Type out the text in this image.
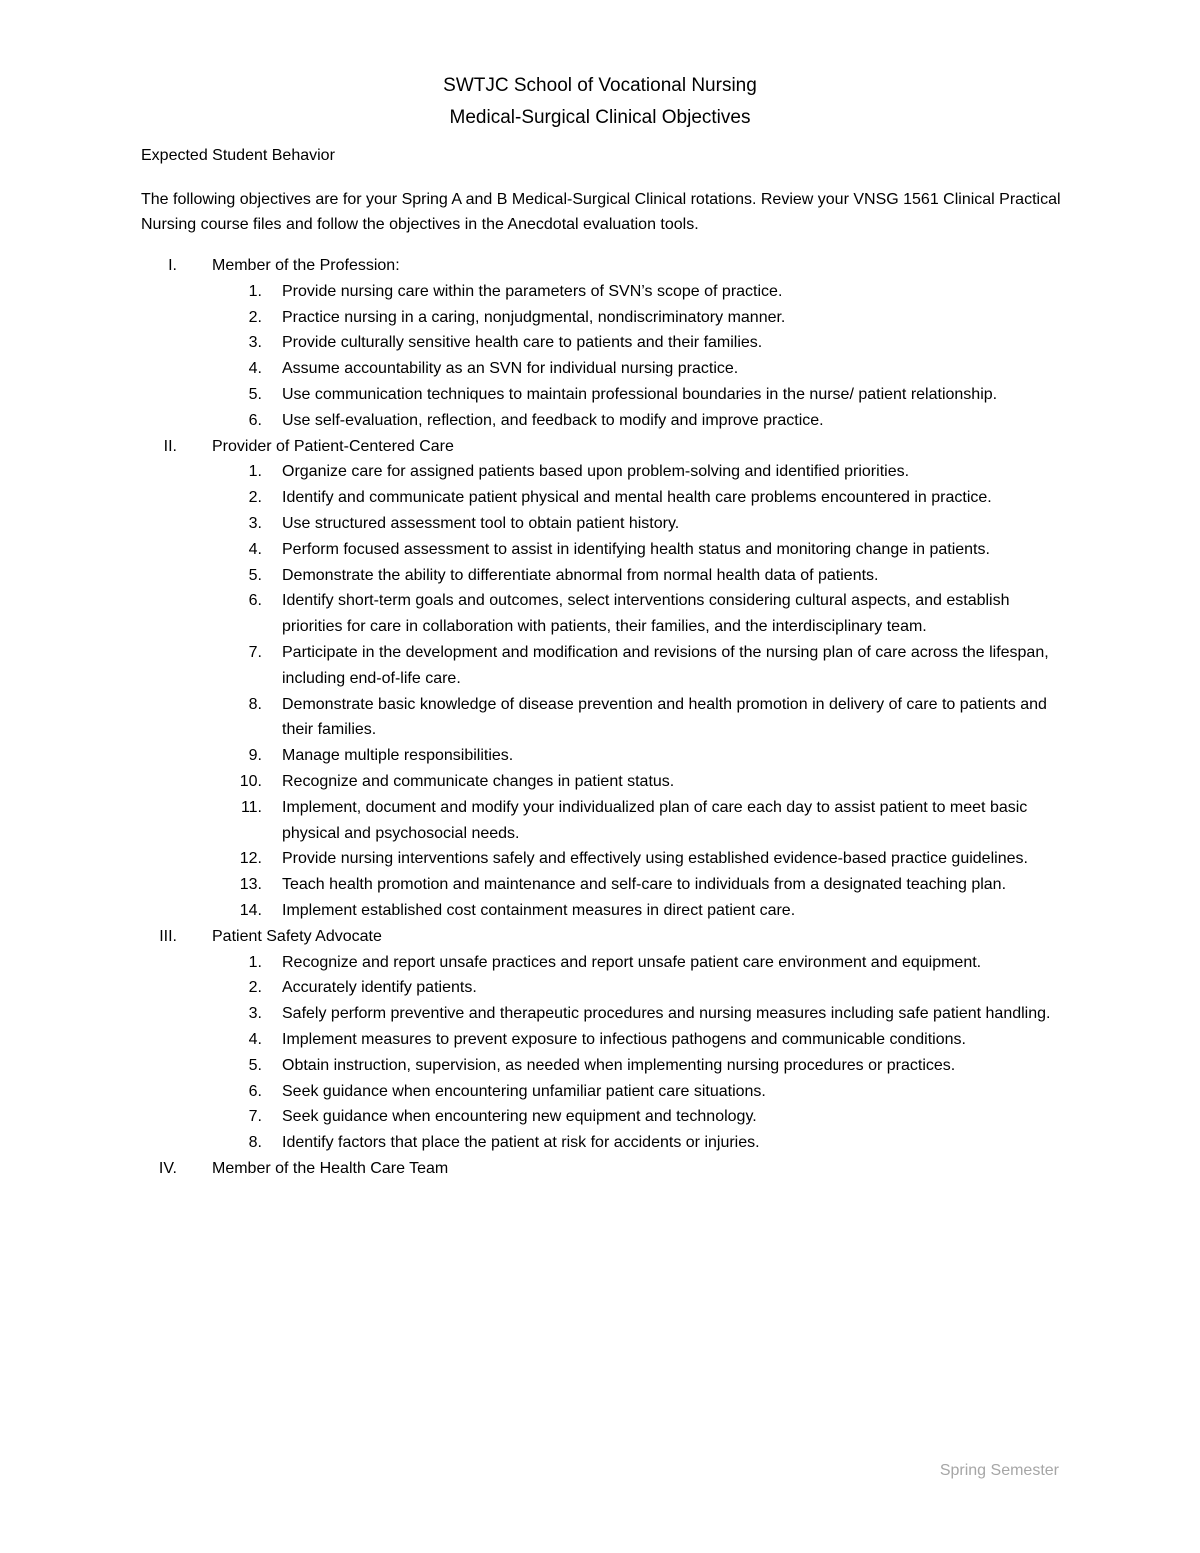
SWTJC School of Vocational Nursing
Medical-Surgical Clinical Objectives
Expected Student Behavior
The following objectives are for your Spring A and B Medical-Surgical Clinical rotations. Review your VNSG 1561 Clinical Practical Nursing course files and follow the objectives in the Anecdotal evaluation tools.
I. Member of the Profession:
1. Provide nursing care within the parameters of SVN’s scope of practice.
2. Practice nursing in a caring, nonjudgmental, nondiscriminatory manner.
3. Provide culturally sensitive health care to patients and their families.
4. Assume accountability as an SVN for individual nursing practice.
5. Use communication techniques to maintain professional boundaries in the nurse/ patient relationship.
6. Use self-evaluation, reflection, and feedback to modify and improve practice.
II. Provider of Patient-Centered Care
1. Organize care for assigned patients based upon problem-solving and identified priorities.
2. Identify and communicate patient physical and mental health care problems encountered in practice.
3. Use structured assessment tool to obtain patient history.
4. Perform focused assessment to assist in identifying health status and monitoring change in patients.
5. Demonstrate the ability to differentiate abnormal from normal health data of patients.
6. Identify short-term goals and outcomes, select interventions considering cultural aspects, and establish priorities for care in collaboration with patients, their families, and the interdisciplinary team.
7. Participate in the development and modification and revisions of the nursing plan of care across the lifespan, including end-of-life care.
8. Demonstrate basic knowledge of disease prevention and health promotion in delivery of care to patients and their families.
9. Manage multiple responsibilities.
10. Recognize and communicate changes in patient status.
11. Implement, document and modify your individualized plan of care each day to assist patient to meet basic physical and psychosocial needs.
12. Provide nursing interventions safely and effectively using established evidence-based practice guidelines.
13. Teach health promotion and maintenance and self-care to individuals from a designated teaching plan.
14. Implement established cost containment measures in direct patient care.
III. Patient Safety Advocate
1. Recognize and report unsafe practices and report unsafe patient care environment and equipment.
2. Accurately identify patients.
3. Safely perform preventive and therapeutic procedures and nursing measures including safe patient handling.
4. Implement measures to prevent exposure to infectious pathogens and communicable conditions.
5. Obtain instruction, supervision, as needed when implementing nursing procedures or practices.
6. Seek guidance when encountering unfamiliar patient care situations.
7. Seek guidance when encountering new equipment and technology.
8. Identify factors that place the patient at risk for accidents or injuries.
IV. Member of the Health Care Team
Spring Semester
